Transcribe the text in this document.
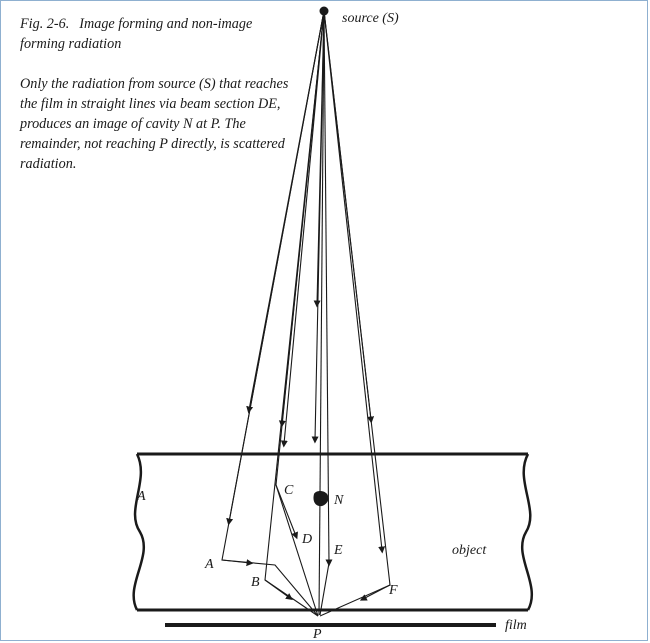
Fig. 2-6. Image forming and non-image forming radiation

Only the radiation from source (S) that reaches the film in straight lines via beam section DE, produces an image of cavity N at P. The remainder, not reaching P directly, is scattered radiation.

source (S)
object
film
A
A
B
C
D
E
F
N
P
